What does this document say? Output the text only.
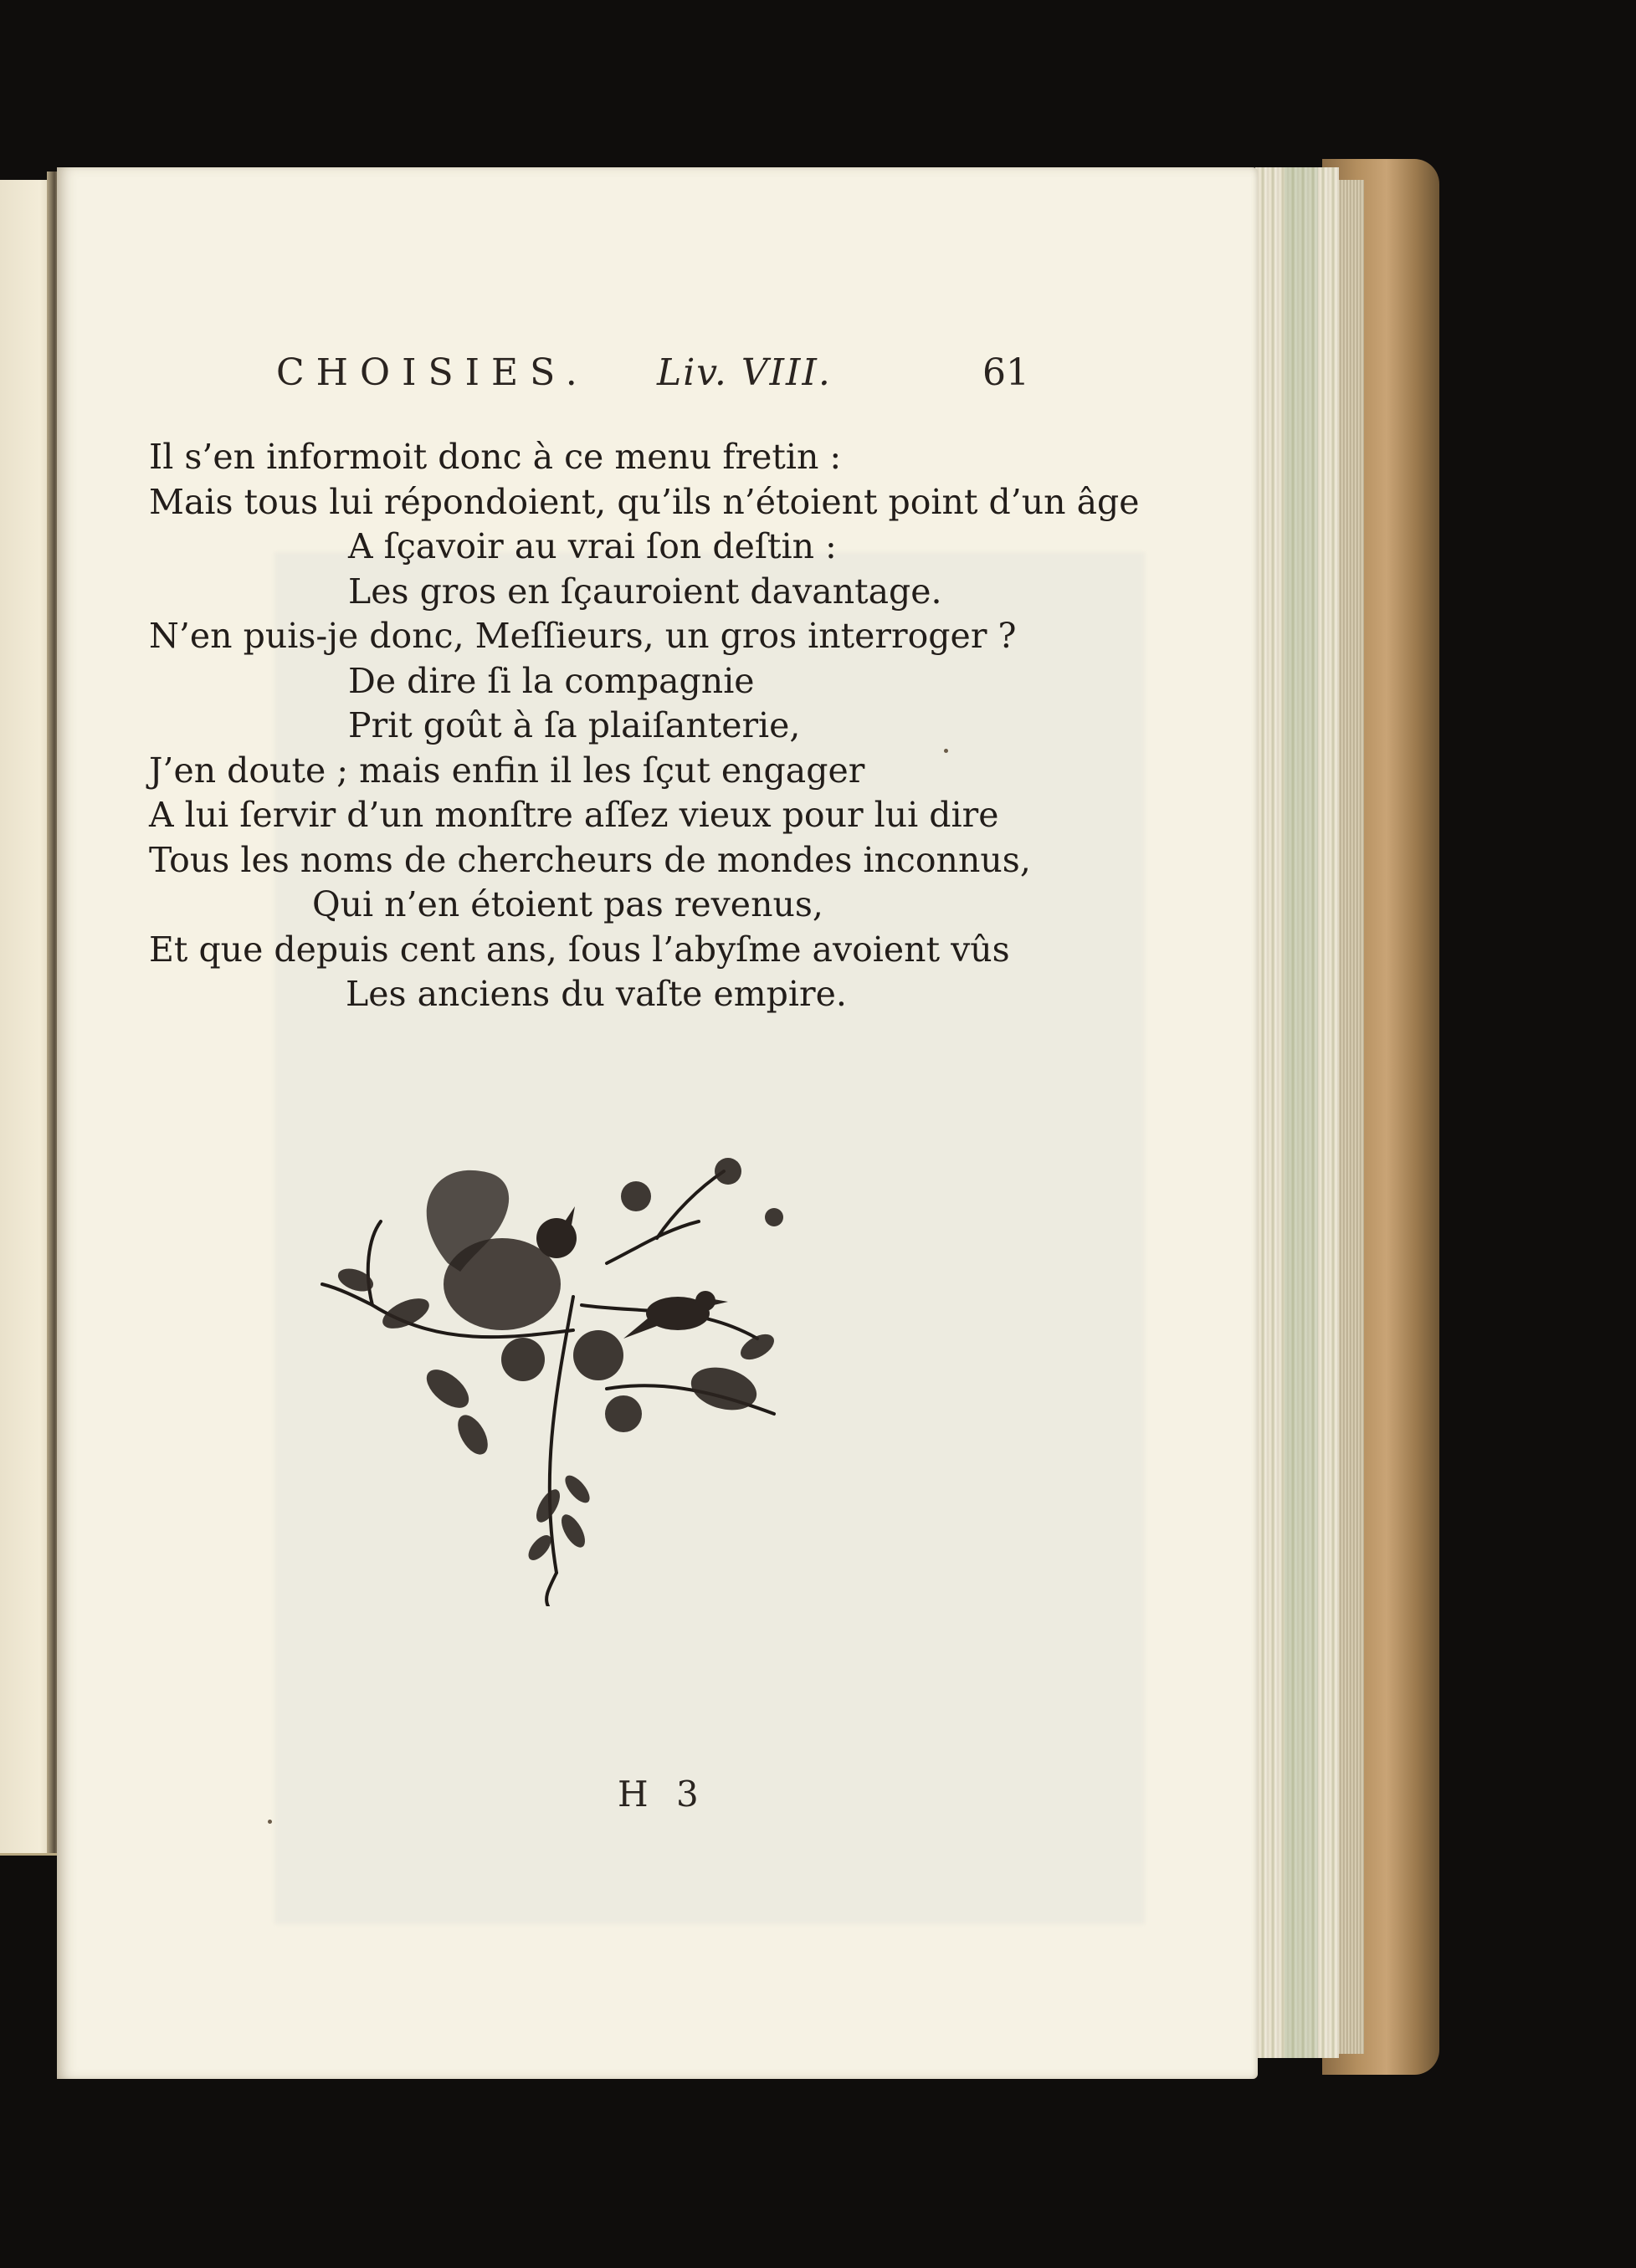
CHOISIES. Liv. VIII.	61
Il s’en informoit donc à ce menu fretin :
Mais tous lui répondoient, qu’ils n’étoient point d’un âge
A ſçavoir au vrai ſon deſtin :
Les gros en ſçauroient davantage.
N’en puis-je donc, Meſſieurs, un gros interroger ?
De dire ſi la compagnie
Prit goût à ſa plaiſanterie,
J’en doute ; mais enfin il les ſçut engager
A lui ſervir d’un monſtre aſſez vieux pour lui dire
Tous les noms de chercheurs de mondes inconnus,
Qui n’en étoient pas revenus,
Et que depuis cent ans, ſous l’abyſme avoient vûs
Les anciens du vaſte empire.
H 3
